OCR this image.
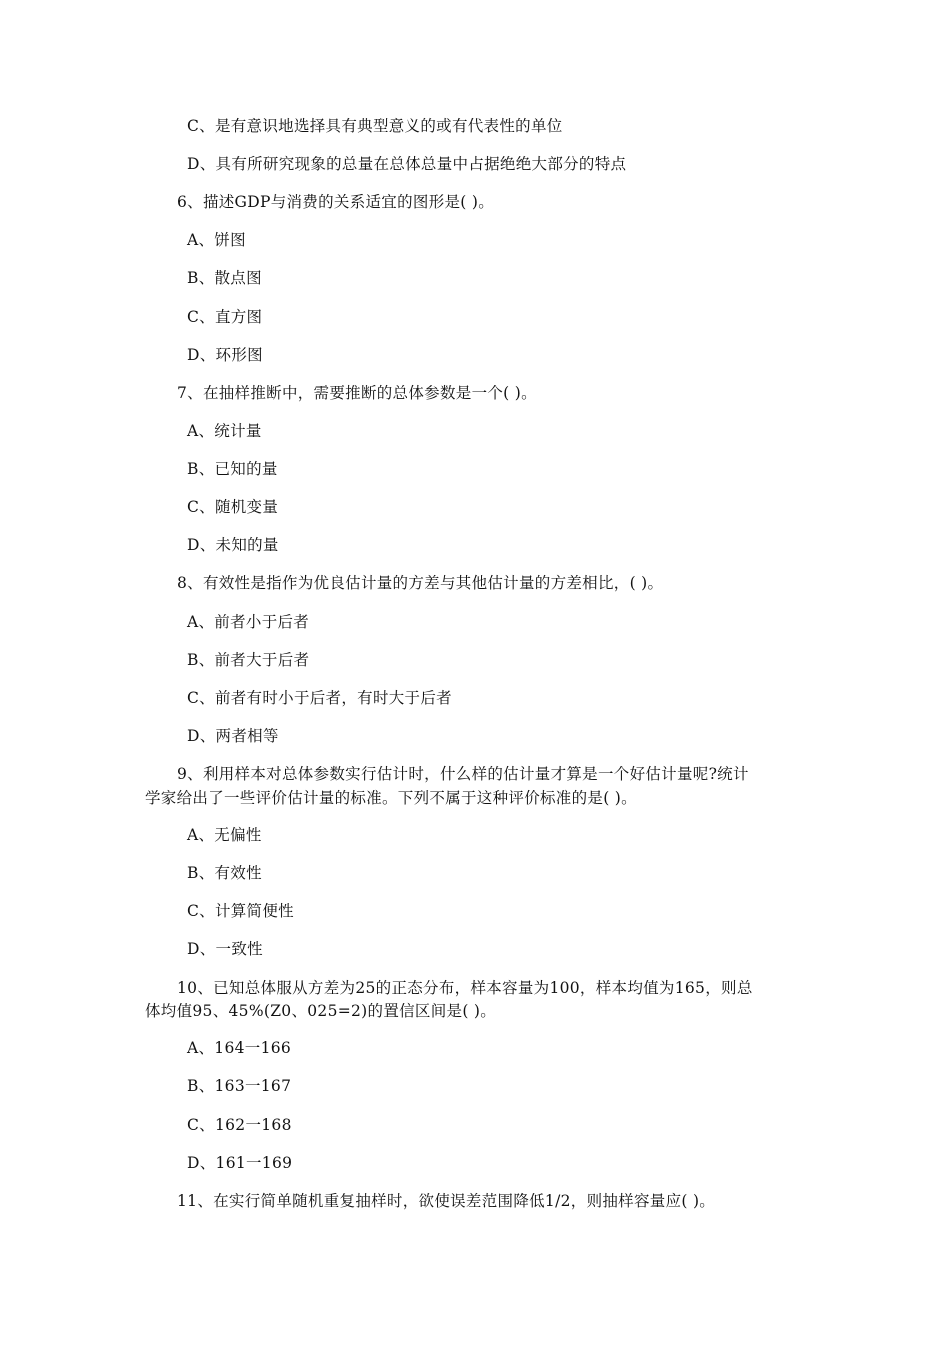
C、是有意识地选择具有典型意义的或有代表性的单位
D、具有所研究现象的总量在总体总量中占据绝绝大部分的特点
6、描述GDP与消费的关系适宜的图形是( )。
A、饼图
B、散点图
C、直方图
D、环形图
7、在抽样推断中，需要推断的总体参数是一个( )。
A、统计量
B、已知的量
C、随机变量
D、未知的量
8、有效性是指作为优良估计量的方差与其他估计量的方差相比，( )。
A、前者小于后者
B、前者大于后者
C、前者有时小于后者，有时大于后者
D、两者相等
9、利用样本对总体参数实行估计时，什么样的估计量才算是一个好估计量呢?统计
学家给出了一些评价估计量的标准。下列不属于这种评价标准的是( )。
A、无偏性
B、有效性
C、计算简便性
D、一致性
10、已知总体服从方差为25的正态分布，样本容量为100，样本均值为165，则总
体均值95、45%(Z0、025=2)的置信区间是( )。
A、164一166
B、163一167
C、162一168
D、161一169
11、在实行简单随机重复抽样时，欲使误差范围降低1/2，则抽样容量应( )。
